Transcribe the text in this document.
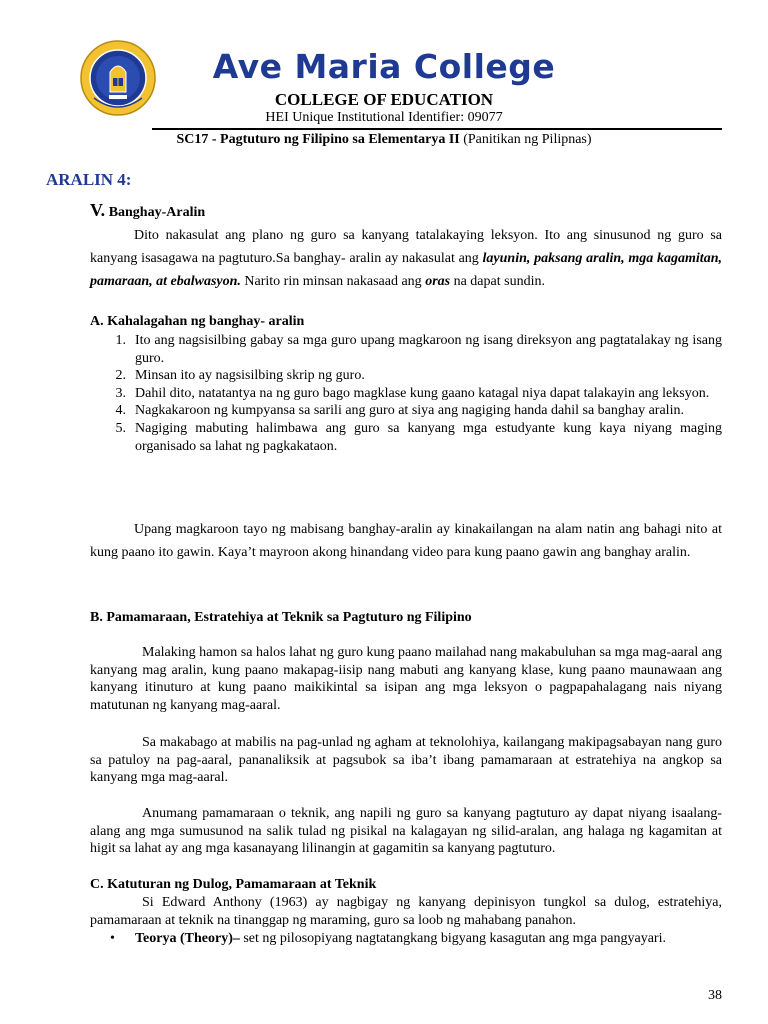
Ave Maria College
COLLEGE OF EDUCATION
HEI Unique Institutional Identifier: 09077
SC17 - Pagtuturo ng Filipino sa Elementarya II (Panitikan ng Pilipnas)
ARALIN 4:
V. Banghay-Aralin
Dito nakasulat ang plano ng guro sa kanyang tatalakaying leksyon. Ito ang sinusunod ng guro sa kanyang isasagawa na pagtuturo.Sa banghay- aralin ay nakasulat ang layunin, paksang aralin, mga kagamitan, pamaraan, at ebalwasyon. Narito rin minsan nakasaad ang oras na dapat sundin.
A. Kahalagahan ng banghay- aralin
1. Ito ang nagsisilbing gabay sa mga guro upang magkaroon ng isang direksyon ang pagtatalakay ng isang guro.
2. Minsan ito ay nagsisilbing skrip ng guro.
3. Dahil dito, natatantya na ng guro bago magklase kung gaano katagal niya dapat talakayin ang leksyon.
4. Nagkakaroon ng kumpyansa sa sarili ang guro at siya ang nagiging handa dahil sa banghay aralin.
5. Nagiging mabuting halimbawa ang guro sa kanyang mga estudyante kung kaya niyang maging organisado sa lahat ng pagkakataon.
Upang magkaroon tayo ng mabisang banghay-aralin ay kinakailangan na alam natin ang bahagi nito at kung paano ito gawin. Kaya’t mayroon akong hinandang video para kung paano gawin ang banghay aralin.
B. Pamamaraan, Estratehiya at Teknik sa Pagtuturo ng Filipino
Malaking hamon sa halos lahat ng guro kung paano mailahad nang makabuluhan sa mga mag-aaral ang kanyang mag aralin, kung paano makapag-iisip nang mabuti ang kanyang klase, kung paano maunawaan ang kanyang itinuturo at kung paano maikikintal sa isipan ang mga leksyon o pagpapahalagang nais niyang matutunan ng kanyang mag-aaral.
Sa makabago at mabilis na pag-unlad ng agham at teknolohiya, kailangang makipagsabayan nang guro sa patuloy na pag-aaral, pananaliksik at pagsubok sa iba’t ibang pamamaraan at estratehiya na angkop sa kanyang mga mag-aaral.
Anumang pamamaraan o teknik, ang napili ng guro sa kanyang pagtuturo ay dapat niyang isaalang-alang ang mga sumusunod na salik tulad ng pisikal na kalagayan ng silid-aralan, ang halaga ng kagamitan at higit sa lahat ay ang mga kasanayang lilinangin at gagamitin sa kanyang pagtuturo.
C. Katuturan ng Dulog, Pamamaraan at Teknik
Si Edward Anthony (1963) ay nagbigay ng kanyang depinisyon tungkol sa dulog, estratehiya, pamamaraan at teknik na tinanggap ng maraming, guro sa loob ng mahabang panahon.
•	Teorya (Theory)– set ng pilosopiyang nagtatangkang bigyang kasagutan ang mga pangyayari.
38
